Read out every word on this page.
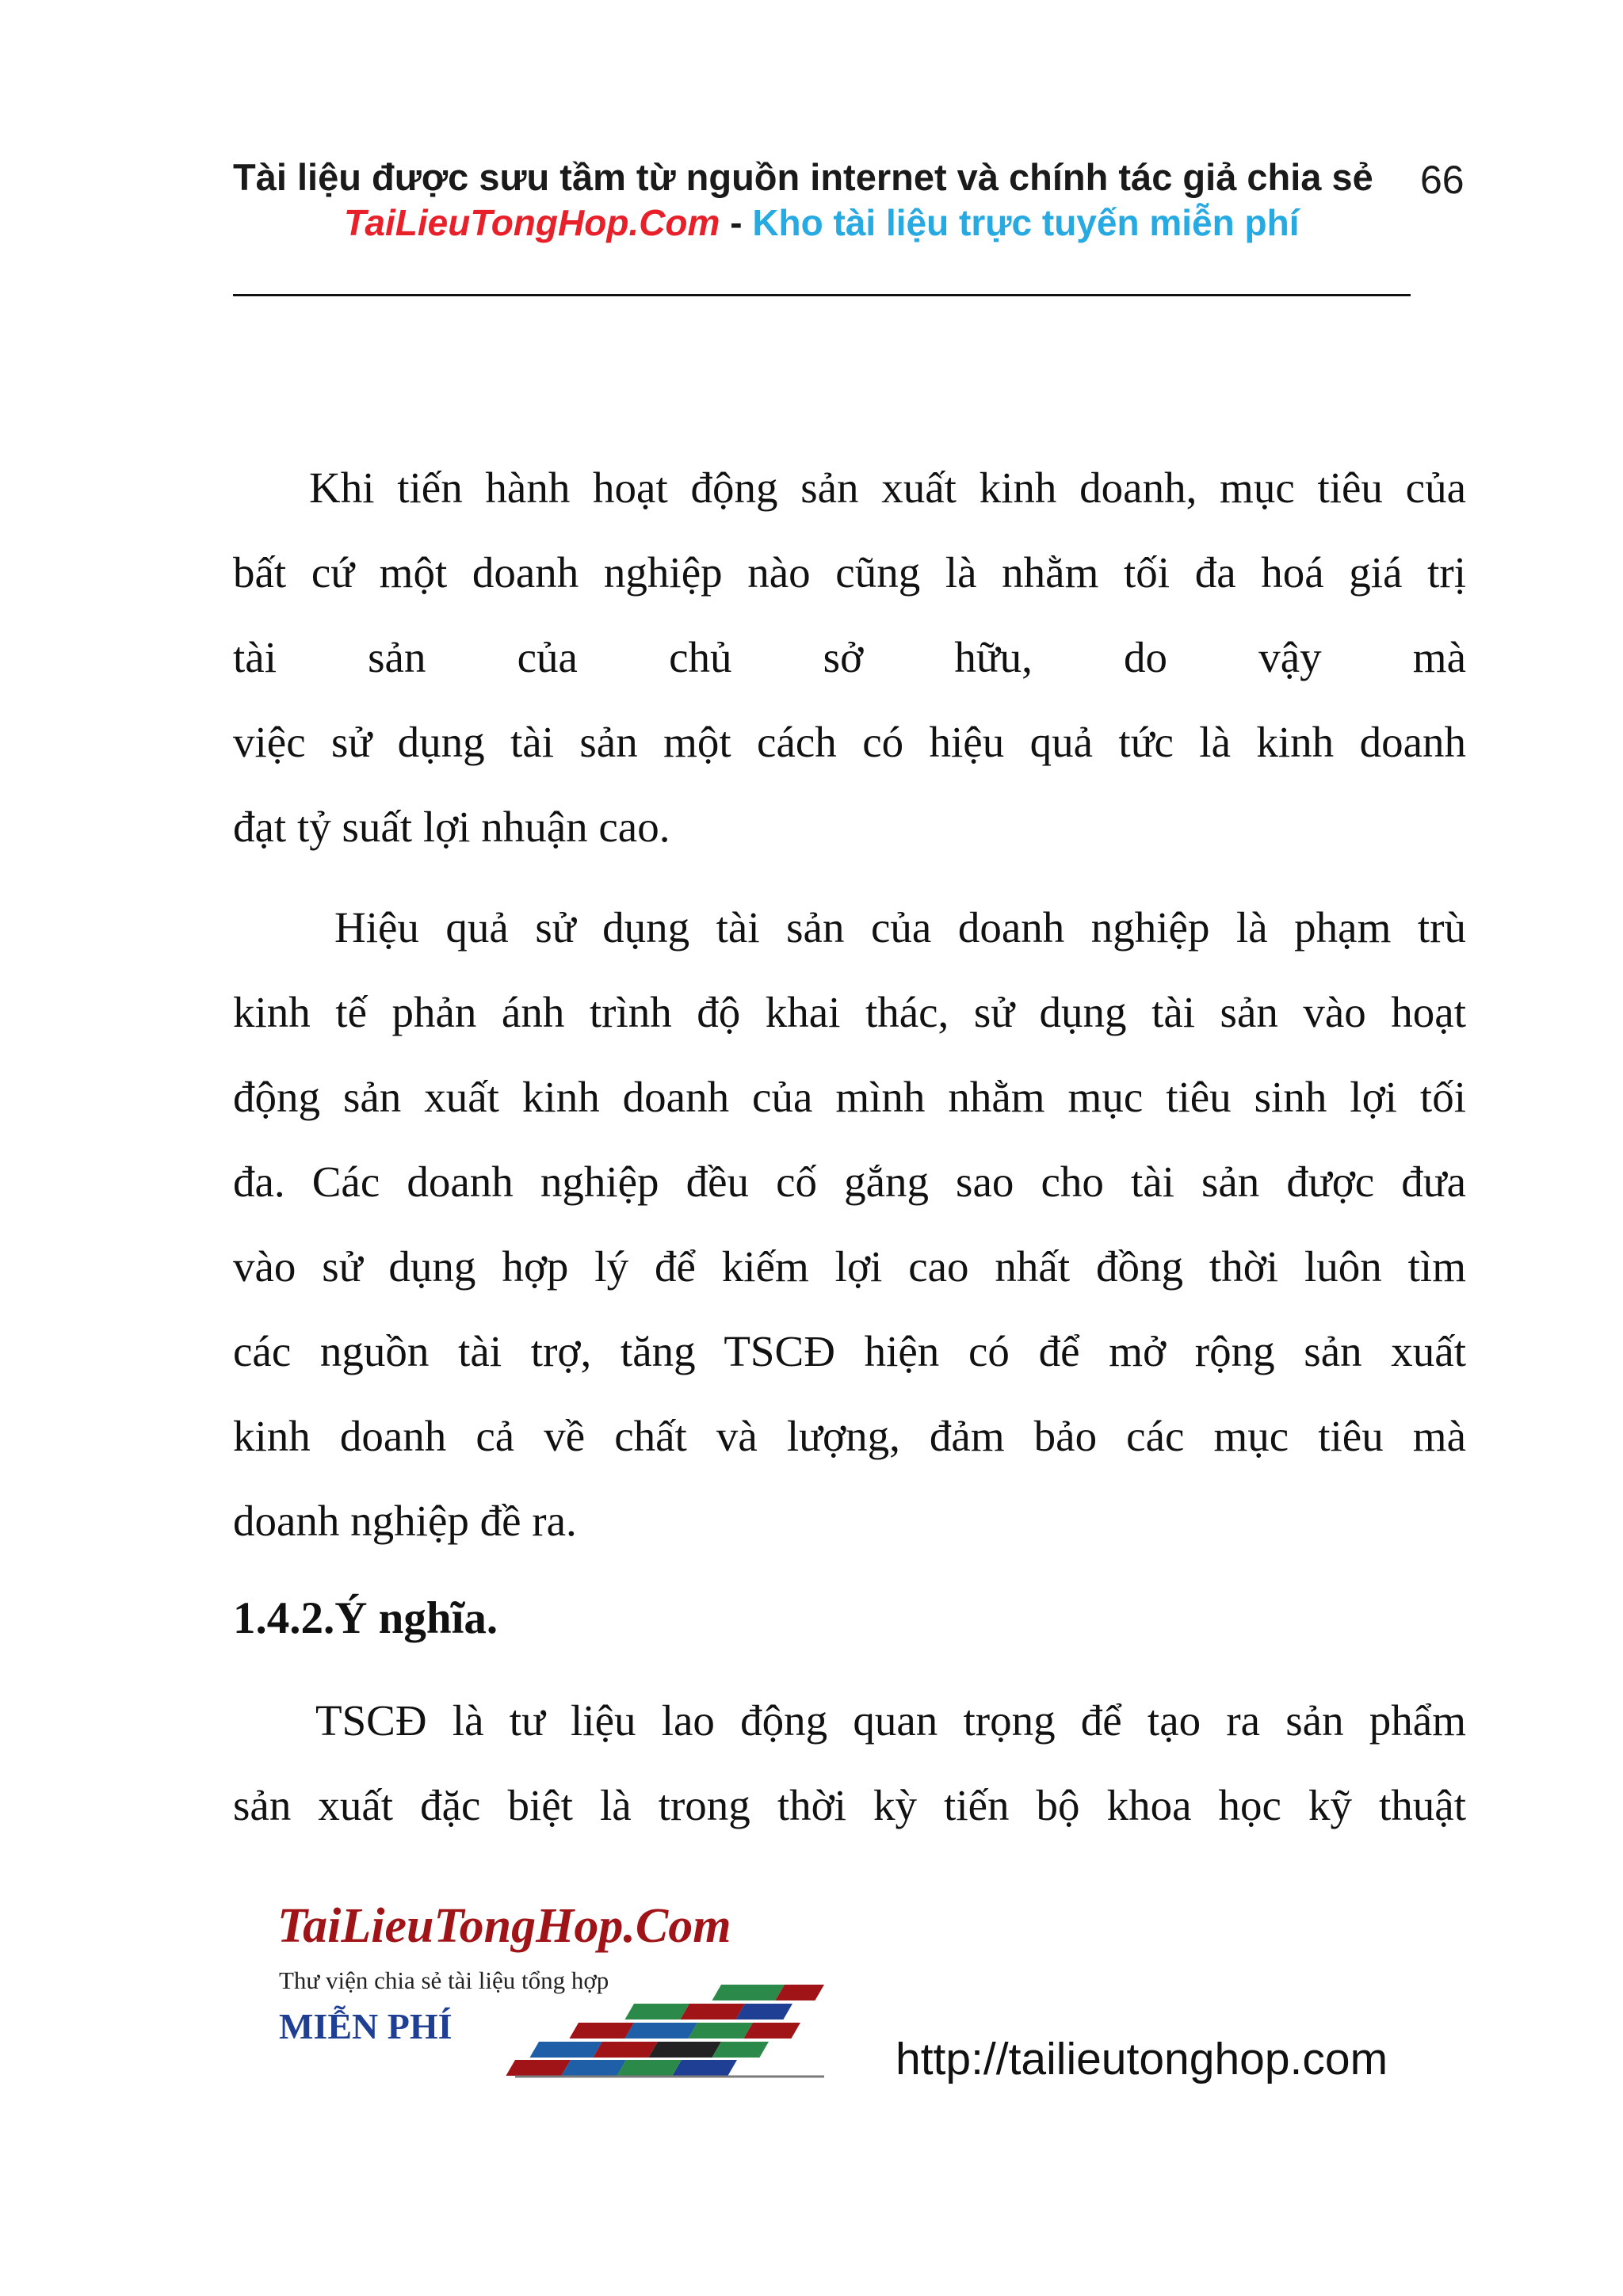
Tài liệu được sưu tầm từ nguồn internet và chính tác giả chia sẻ 66
TaiLieuTongHop.Com - Kho tài liệu trực tuyến miễn phí
Khi tiến hành hoạt động sản xuất kinh doanh, mục tiêu của
bất cứ một doanh nghiệp nào cũng là nhằm tối đa hoá giá trị
tài sản của chủ sở hữu, do vậy mà
việc sử dụng tài sản một cách có hiệu quả tức là kinh doanh
đạt tỷ suất lợi nhuận cao.
Hiệu quả sử dụng tài sản của doanh nghiệp là phạm trù
kinh tế phản ánh trình độ khai thác, sử dụng tài sản vào hoạt
động sản xuất kinh doanh của mình nhằm mục tiêu sinh lợi tối
đa. Các doanh nghiệp đều cố gắng sao cho tài sản được đưa
vào sử dụng hợp lý để kiếm lợi cao nhất đồng thời luôn tìm
các nguồn tài trợ, tăng TSCĐ hiện có để mở rộng sản xuất
kinh doanh cả về chất và lượng, đảm bảo các mục tiêu mà
doanh nghiệp đề ra.
1.4.2.Ý nghĩa.
TSCĐ là tư liệu lao động quan trọng để tạo ra sản phẩm
sản xuất đặc biệt là trong thời kỳ tiến bộ khoa học kỹ thuật
TaiLieuTongHop.Com
Thư viện chia sẻ tài liệu tổng hợp
MIỄN PHÍ
http://tailieutonghop.com
